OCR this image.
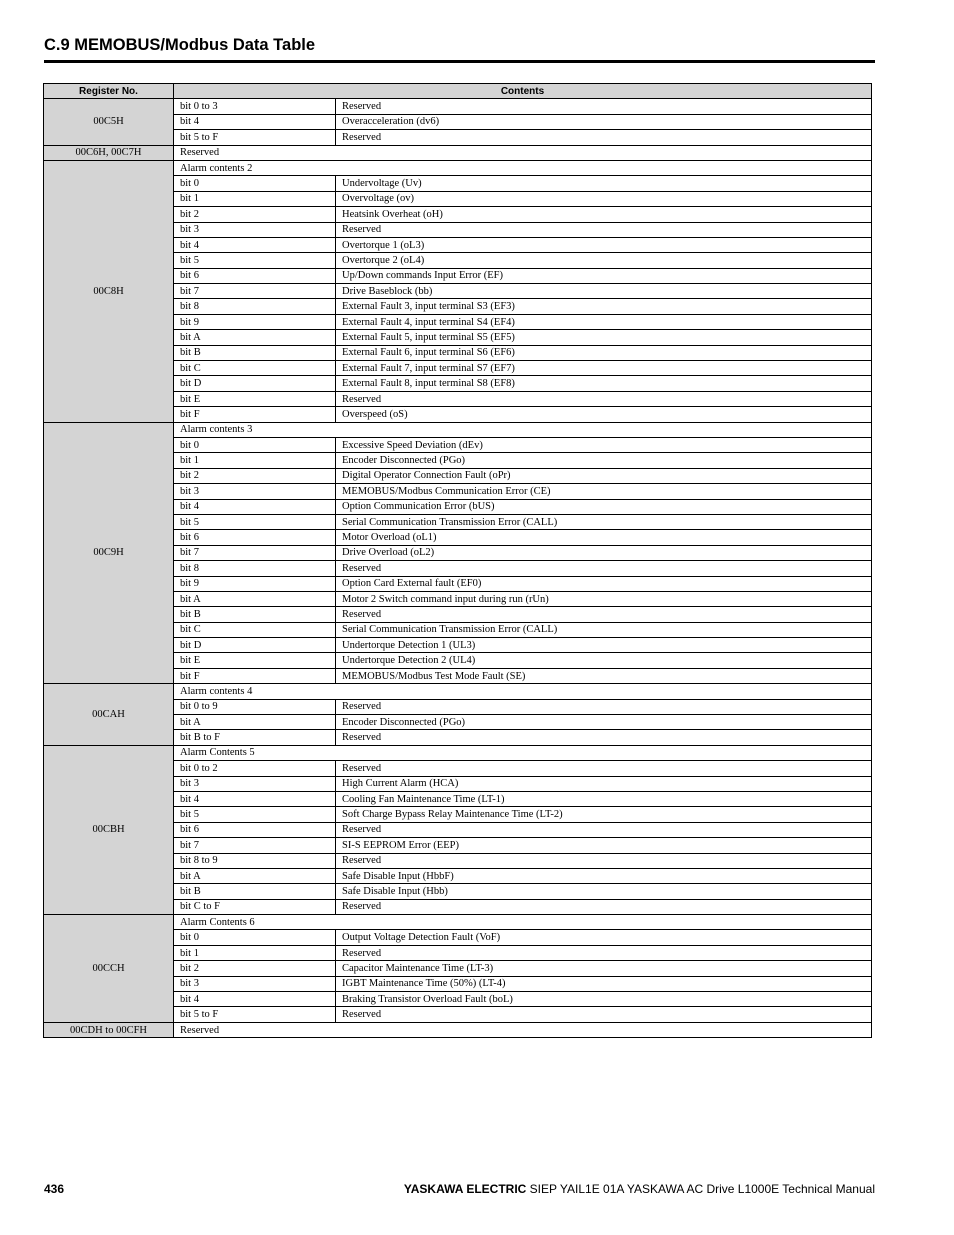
C.9 MEMOBUS/Modbus Data Table
Register No.	Contents	
00C5H	bit 0 to 3	Reserved
	bit 4	Overacceleration (dv6)
	bit 5 to F	Reserved
00C6H, 00C7H	Reserved	
00C8H	Alarm contents 2	
	bit 0	Undervoltage (Uv)
	bit 1	Overvoltage (ov)
	bit 2	Heatsink Overheat (oH)
	bit 3	Reserved
	bit 4	Overtorque 1 (oL3)
	bit 5	Overtorque 2 (oL4)
	bit 6	Up/Down commands Input Error (EF)
	bit 7	Drive Baseblock (bb)
	bit 8	External Fault 3, input terminal S3 (EF3)
	bit 9	External Fault 4, input terminal S4 (EF4)
	bit A	External Fault 5, input terminal S5 (EF5)
	bit B	External Fault 6, input terminal S6 (EF6)
	bit C	External Fault 7, input terminal S7 (EF7)
	bit D	External Fault 8, input terminal S8 (EF8)
	bit E	Reserved
	bit F	Overspeed (oS)
00C9H	Alarm contents 3	
	bit 0	Excessive Speed Deviation (dEv)
	bit 1	Encoder Disconnected (PGo)
	bit 2	Digital Operator Connection Fault (oPr)
	bit 3	MEMOBUS/Modbus Communication Error (CE)
	bit 4	Option Communication Error (bUS)
	bit 5	Serial Communication Transmission Error (CALL)
	bit 6	Motor Overload (oL1)
	bit 7	Drive Overload (oL2)
	bit 8	Reserved
	bit 9	Option Card External fault (EF0)
	bit A	Motor 2 Switch command input during run (rUn)
	bit B	Reserved
	bit C	Serial Communication Transmission Error (CALL)
	bit D	Undertorque Detection 1 (UL3)
	bit E	Undertorque Detection 2 (UL4)
	bit F	MEMOBUS/Modbus Test Mode Fault (SE)
00CAH	Alarm contents 4	
	bit 0 to 9	Reserved
	bit A	Encoder Disconnected (PGo)
	bit B to F	Reserved
00CBH	Alarm Contents 5	
	bit 0 to 2	Reserved
	bit 3	High Current Alarm (HCA)
	bit 4	Cooling Fan Maintenance Time (LT-1)
	bit 5	Soft Charge Bypass Relay Maintenance Time (LT-2)
	bit 6	Reserved
	bit 7	SI-S EEPROM Error (EEP)
	bit 8 to 9	Reserved
	bit A	Safe Disable Input (HbbF)
	bit B	Safe Disable Input (Hbb)
	bit C to F	Reserved
00CCH	Alarm Contents 6	
	bit 0	Output Voltage Detection Fault (VoF)
	bit 1	Reserved
	bit 2	Capacitor Maintenance Time (LT-3)
	bit 3	IGBT Maintenance Time (50%) (LT-4)
	bit 4	Braking Transistor Overload Fault (boL)
	bit 5 to F	Reserved
00CDH to 00CFH	Reserved	
436	YASKAWA ELECTRIC SIEP YAIL1E 01A YASKAWA AC Drive L1000E Technical Manual
